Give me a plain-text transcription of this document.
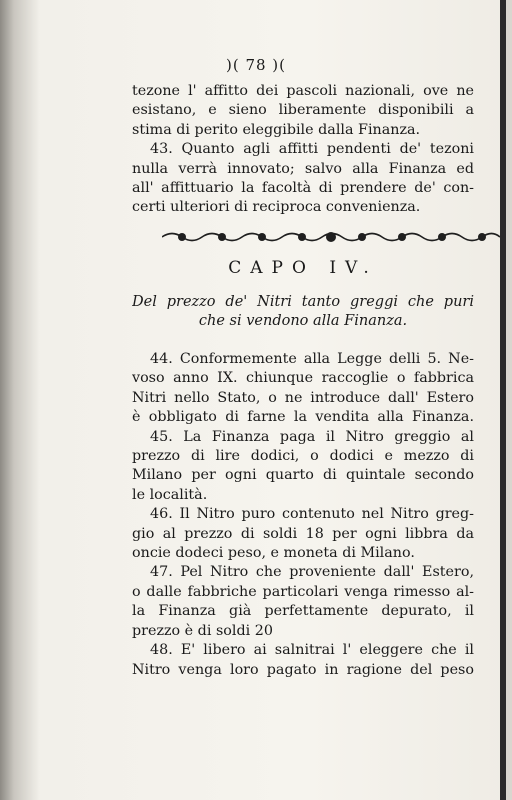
)( 78 )(
tezone l' affitto dei pascoli nazionali, ove ne
esistano, e sieno liberamente disponibili a
stima di perito eleggibile dalla Finanza.
43. Quanto agli affitti pendenti de' tezoni
nulla verrà innovato; salvo alla Finanza ed
all' affittuario la facoltà di prendere de' con-
certi ulteriori di reciproca convenienza.
CAPO IV.
Del prezzo de' Nitri tanto greggi che puri
che si vendono alla Finanza.
44. Conformemente alla Legge delli 5. Ne-
voso anno IX. chiunque raccoglie o fabbrica
Nitri nello Stato, o ne introduce dall' Estero
è obbligato di farne la vendita alla Finanza.
45. La Finanza paga il Nitro greggio al
prezzo di lire dodici, o dodici e mezzo di
Milano per ogni quarto di quintale secondo
le località.
46. Il Nitro puro contenuto nel Nitro greg-
gio al prezzo di soldi 18 per ogni libbra da
oncie dodeci peso, e moneta di Milano.
47. Pel Nitro che proveniente dall' Estero,
o dalle fabbriche particolari venga rimesso al-
la Finanza già perfettamente depurato, il
prezzo è di soldi 20
48. E' libero ai salnitrai l' eleggere che il
Nitro venga loro pagato in ragione del peso
